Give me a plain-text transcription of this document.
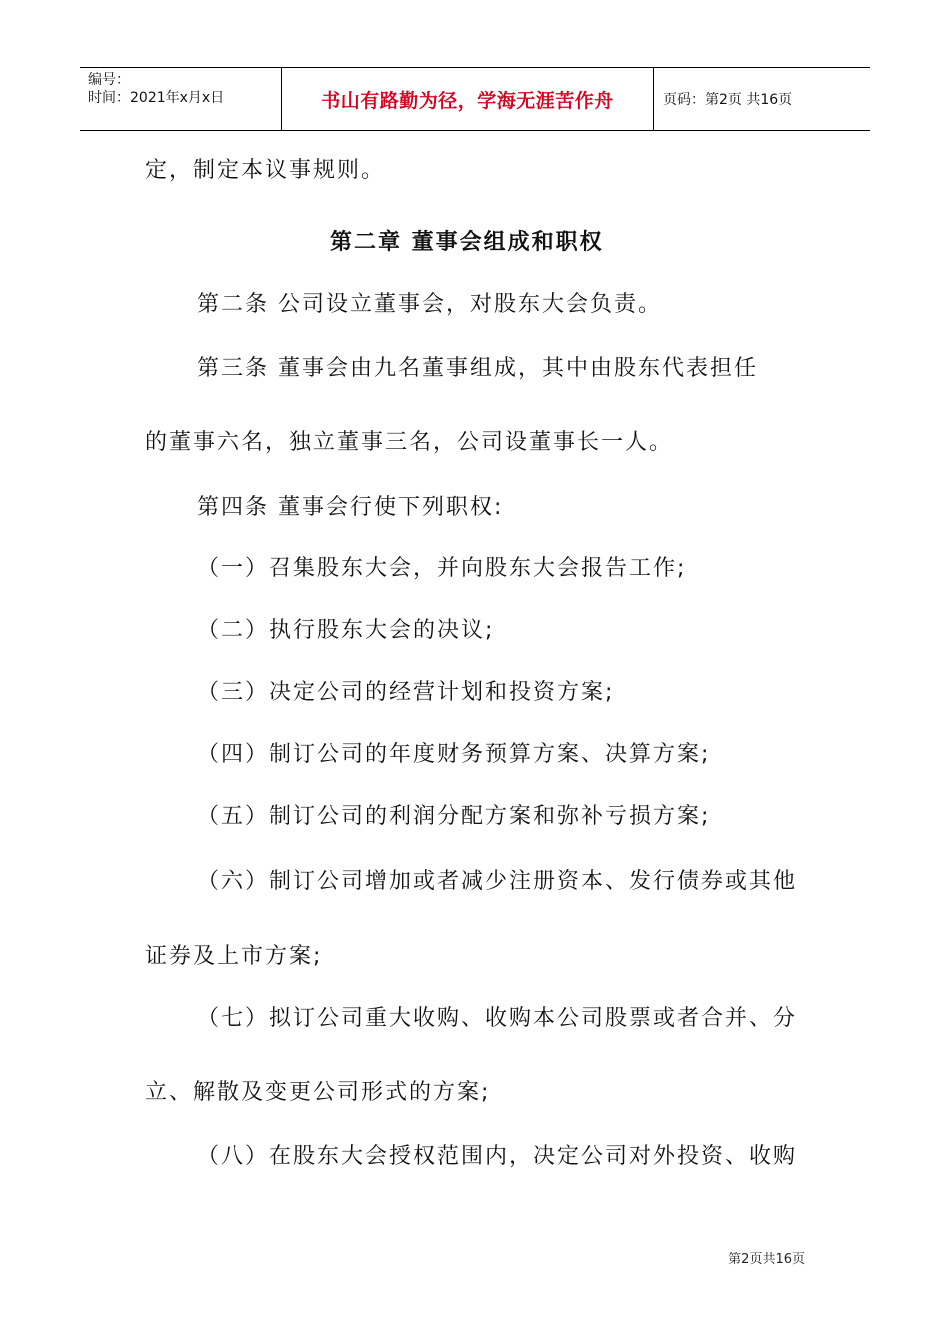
编号：
时间：2021年x月x日	书山有路勤为径，学海无涯苦作舟	页码：第2页 共16页
定，制定本议事规则。
第二章 董事会组成和职权
第二条 公司设立董事会，对股东大会负责。
第三条 董事会由九名董事组成，其中由股东代表担任
的董事六名，独立董事三名，公司设董事长一人。
第四条 董事会行使下列职权:
（一）召集股东大会，并向股东大会报告工作;
（二）执行股东大会的决议;
（三）决定公司的经营计划和投资方案;
（四）制订公司的年度财务预算方案、决算方案;
（五）制订公司的利润分配方案和弥补亏损方案;
（六）制订公司增加或者减少注册资本、发行债券或其他
证券及上市方案;
（七）拟订公司重大收购、收购本公司股票或者合并、分
立、解散及变更公司形式的方案;
（八）在股东大会授权范围内，决定公司对外投资、收购
第2页共16页
